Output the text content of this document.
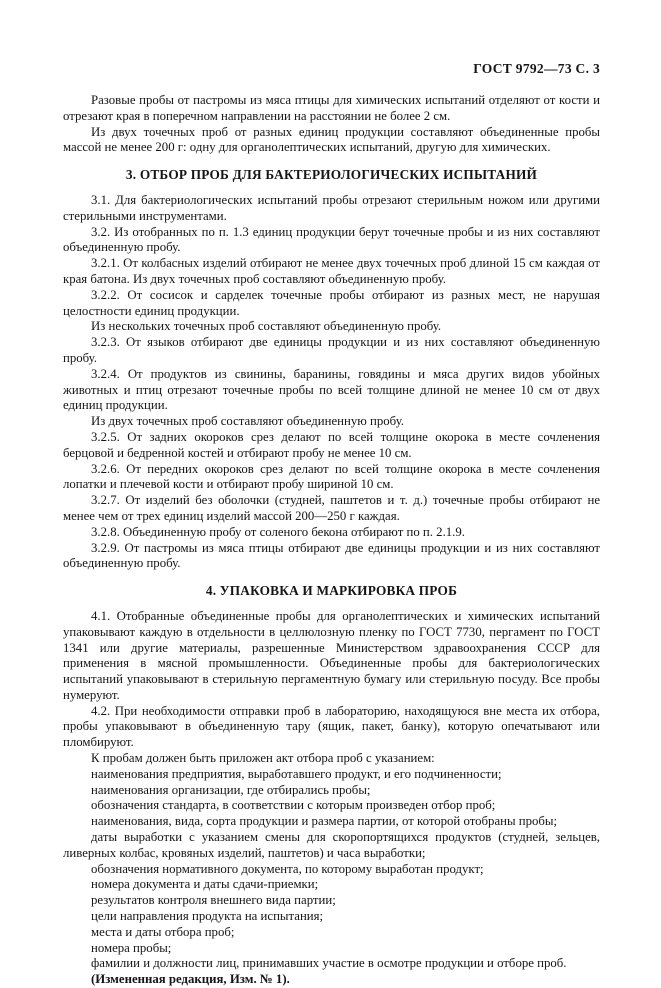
ГОСТ 9792—73 С. 3

Разовые пробы от пастромы из мяса птицы для химических испытаний отделяют от кости и отрезают края в поперечном направлении на расстоянии не более 2 см.

Из двух точечных проб от разных единиц продукции составляют объединенные пробы массой не менее 200 г: одну для органолептических испытаний, другую для химических.

3. ОТБОР ПРОБ ДЛЯ БАКТЕРИОЛОГИЧЕСКИХ ИСПЫТАНИЙ

3.1. Для бактериологических испытаний пробы отрезают стерильным ножом или другими стерильными инструментами.

3.2. Из отобранных по п. 1.3 единиц продукции берут точечные пробы и из них составляют объединенную пробу.

3.2.1. От колбасных изделий отбирают не менее двух точечных проб длиной 15 см каждая от края батона. Из двух точечных проб составляют объединенную пробу.

3.2.2. От сосисок и сарделек точечные пробы отбирают из разных мест, не нарушая целостности единиц продукции.

Из нескольких точечных проб составляют объединенную пробу.

3.2.3. От языков отбирают две единицы продукции и из них составляют объединенную пробу.

3.2.4. От продуктов из свинины, баранины, говядины и мяса других видов убойных животных и птиц отрезают точечные пробы по всей толщине длиной не менее 10 см от двух единиц продукции.

Из двух точечных проб составляют объединенную пробу.

3.2.5. От задних окороков срез делают по всей толщине окорока в месте сочленения берцовой и бедренной костей и отбирают пробу не менее 10 см.

3.2.6. От передних окороков срез делают по всей толщине окорока в месте сочленения лопатки и плечевой кости и отбирают пробу шириной 10 см.

3.2.7. От изделий без оболочки (студней, паштетов и т. д.) точечные пробы отбирают не менее чем от трех единиц изделий массой 200—250 г каждая.

3.2.8. Объединенную пробу от соленого бекона отбирают по п. 2.1.9.

3.2.9. От пастромы из мяса птицы отбирают две единицы продукции и из них составляют объединенную пробу.

4. УПАКОВКА И МАРКИРОВКА ПРОБ

4.1. Отобранные объединенные пробы для органолептических и химических испытаний упаковывают каждую в отдельности в целлюлозную пленку по ГОСТ 7730, пергамент по ГОСТ 1341 или другие материалы, разрешенные Министерством здравоохранения СССР для применения в мясной промышленности. Объединенные пробы для бактериологических испытаний упаковывают в стерильную пергаментную бумагу или стерильную посуду. Все пробы нумеруют.

4.2. При необходимости отправки проб в лабораторию, находящуюся вне места их отбора, пробы упаковывают в объединенную тару (ящик, пакет, банку), которую опечатывают или пломбируют.

К пробам должен быть приложен акт отбора проб с указанием:

наименования предприятия, выработавшего продукт, и его подчиненности;

наименования организации, где отбирались пробы;

обозначения стандарта, в соответствии с которым произведен отбор проб;

наименования, вида, сорта продукции и размера партии, от которой отобраны пробы;

даты выработки с указанием смены для скоропортящихся продуктов (студней, зельцев, ливерных колбас, кровяных изделий, паштетов) и часа выработки;

обозначения нормативного документа, по которому выработан продукт;

номера документа и даты сдачи-приемки;

результатов контроля внешнего вида партии;

цели направления продукта на испытания;

места и даты отбора проб;

номера пробы;

фамилии и должности лиц, принимавших участие в осмотре продукции и отборе проб.

(Измененная редакция, Изм. № 1).
